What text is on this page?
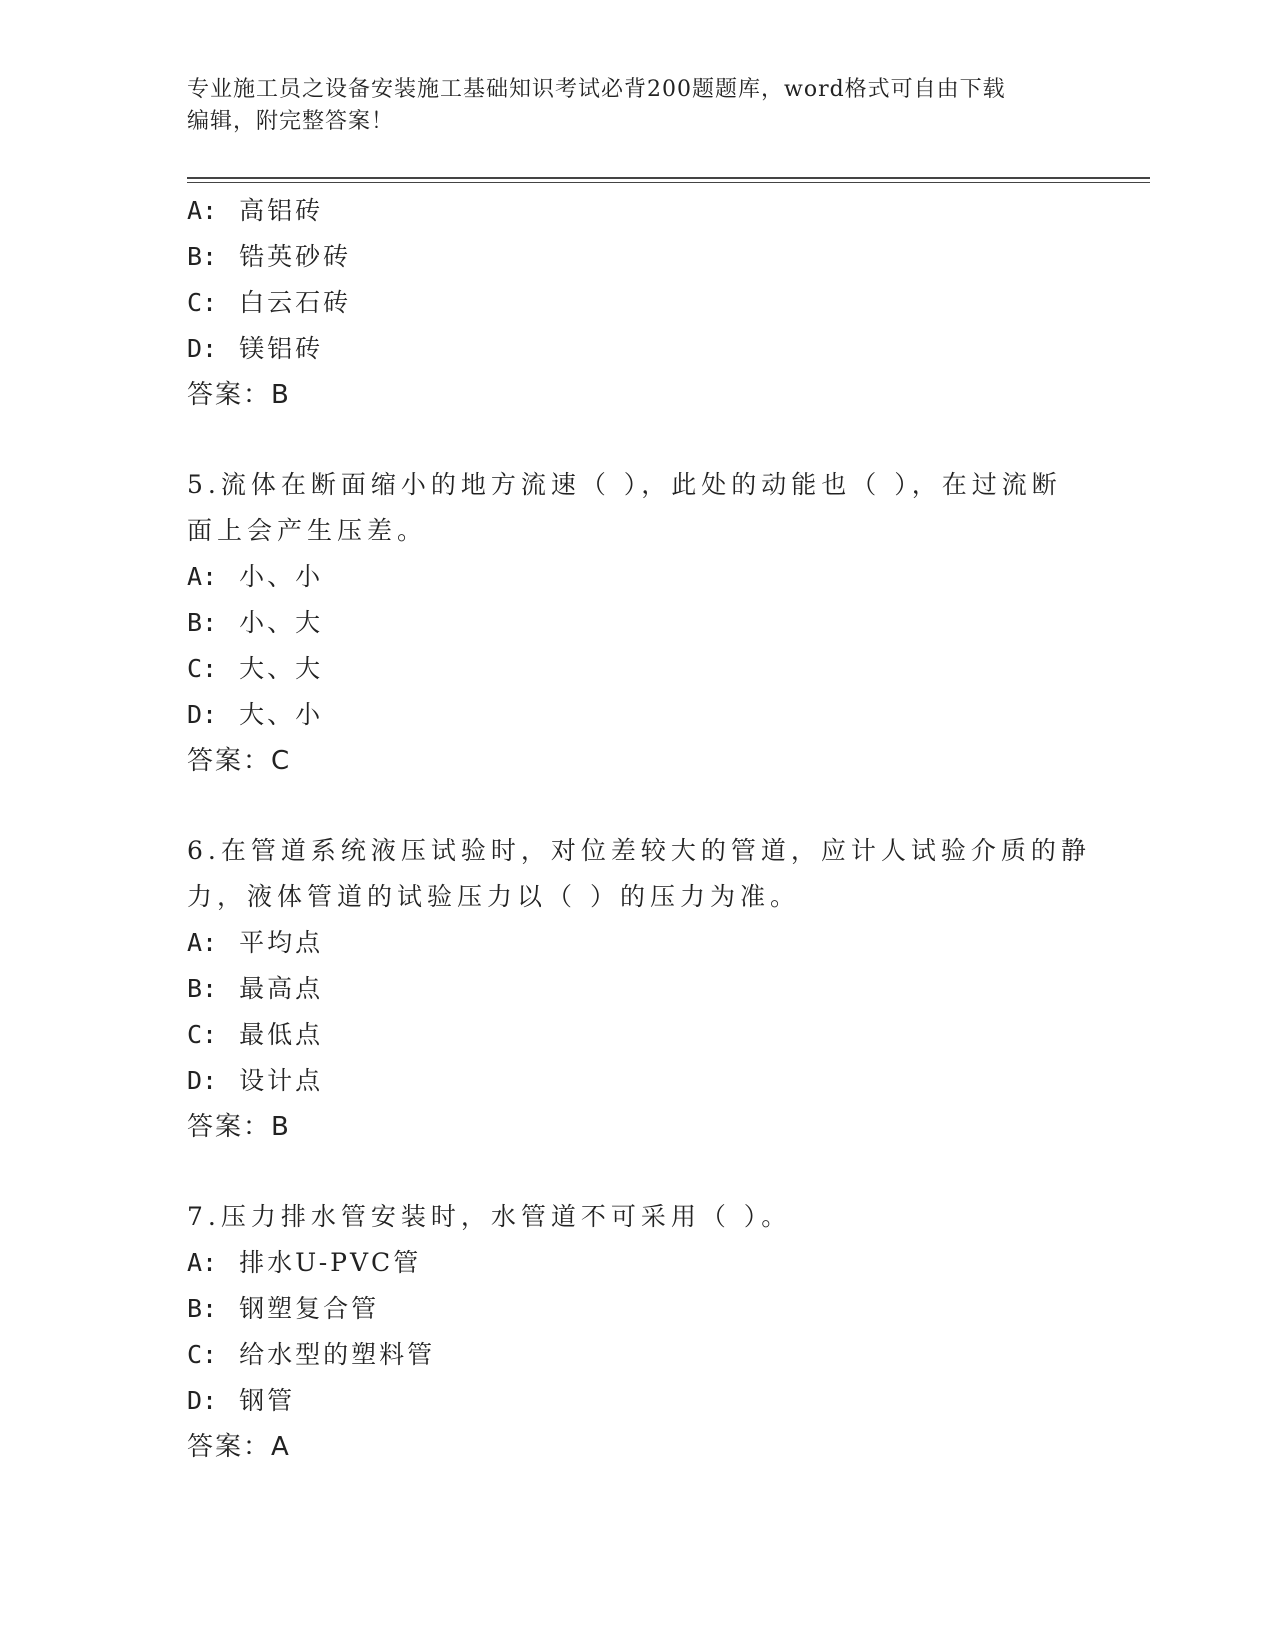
专业施工员之设备安装施工基础知识考试必背200题题库，word格式可自由下载
编辑，附完整答案！
A: 高铝砖
B: 锆英砂砖
C: 白云石砖
D: 镁铝砖
答案：B
5.流体在断面缩小的地方流速（ ），此处的动能也（ ），在过流断
面上会产生压差。
A: 小、小
B: 小、大
C: 大、大
D: 大、小
答案：C
6.在管道系统液压试验时，对位差较大的管道，应计人试验介质的静
力，液体管道的试验压力以（ ）的压力为准。
A: 平均点
B: 最高点
C: 最低点
D: 设计点
答案：B
7.压力排水管安装时，水管道不可采用（ ）。
A: 排水U-PVC管
B: 钢塑复合管
C: 给水型的塑料管
D: 钢管
答案：A
